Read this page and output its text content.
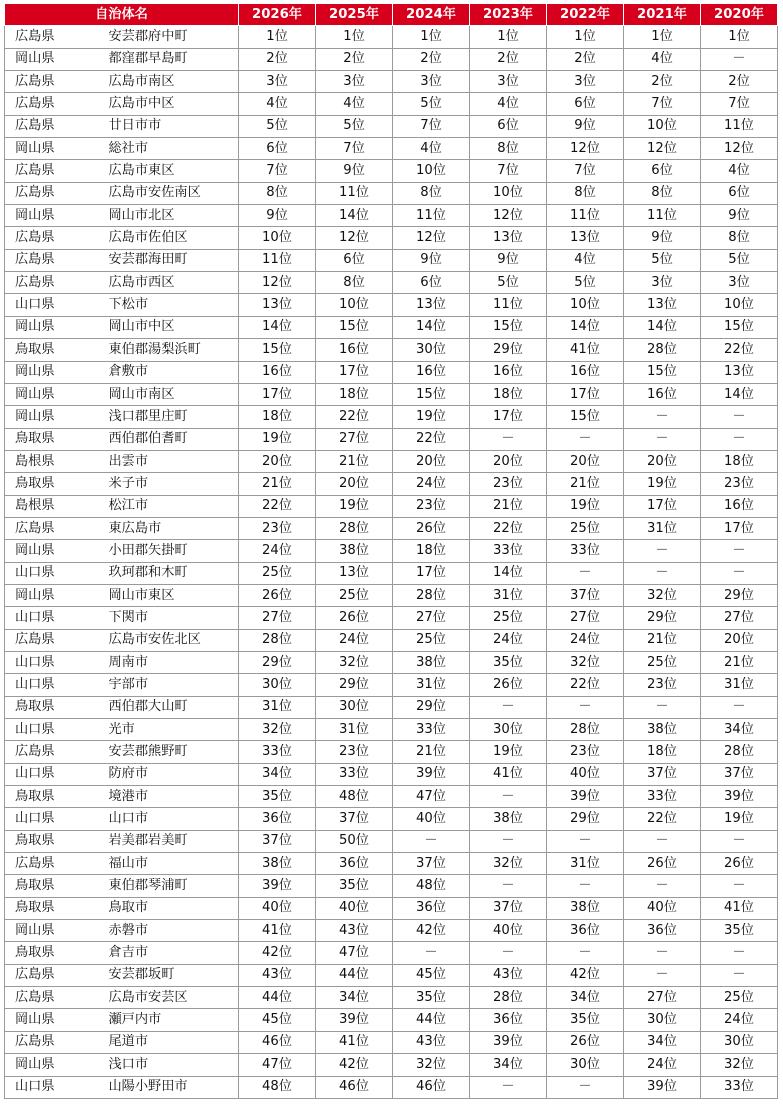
自治体名		2026年	2025年	2024年	2023年	2022年	2021年	2020年
広島県	安芸郡府中町	1位	1位	1位	1位	1位	1位	1位
岡山県	都窪郡早島町	2位	2位	2位	2位	2位	4位	－
広島県	広島市南区	3位	3位	3位	3位	3位	2位	2位
広島県	広島市中区	4位	4位	5位	4位	6位	7位	7位
広島県	廿日市市	5位	5位	7位	6位	9位	10位	11位
岡山県	総社市	6位	7位	4位	8位	12位	12位	12位
広島県	広島市東区	7位	9位	10位	7位	7位	6位	4位
広島県	広島市安佐南区	8位	11位	8位	10位	8位	8位	6位
岡山県	岡山市北区	9位	14位	11位	12位	11位	11位	9位
広島県	広島市佐伯区	10位	12位	12位	13位	13位	9位	8位
広島県	安芸郡海田町	11位	6位	9位	9位	4位	5位	5位
広島県	広島市西区	12位	8位	6位	5位	5位	3位	3位
山口県	下松市	13位	10位	13位	11位	10位	13位	10位
岡山県	岡山市中区	14位	15位	14位	15位	14位	14位	15位
鳥取県	東伯郡湯梨浜町	15位	16位	30位	29位	41位	28位	22位
岡山県	倉敷市	16位	17位	16位	16位	16位	15位	13位
岡山県	岡山市南区	17位	18位	15位	18位	17位	16位	14位
岡山県	浅口郡里庄町	18位	22位	19位	17位	15位	－	－
鳥取県	西伯郡伯耆町	19位	27位	22位	－	－	－	－
島根県	出雲市	20位	21位	20位	20位	20位	20位	18位
鳥取県	米子市	21位	20位	24位	23位	21位	19位	23位
島根県	松江市	22位	19位	23位	21位	19位	17位	16位
広島県	東広島市	23位	28位	26位	22位	25位	31位	17位
岡山県	小田郡矢掛町	24位	38位	18位	33位	33位	－	－
山口県	玖珂郡和木町	25位	13位	17位	14位	－	－	－
岡山県	岡山市東区	26位	25位	28位	31位	37位	32位	29位
山口県	下関市	27位	26位	27位	25位	27位	29位	27位
広島県	広島市安佐北区	28位	24位	25位	24位	24位	21位	20位
山口県	周南市	29位	32位	38位	35位	32位	25位	21位
山口県	宇部市	30位	29位	31位	26位	22位	23位	31位
鳥取県	西伯郡大山町	31位	30位	29位	－	－	－	－
山口県	光市	32位	31位	33位	30位	28位	38位	34位
広島県	安芸郡熊野町	33位	23位	21位	19位	23位	18位	28位
山口県	防府市	34位	33位	39位	41位	40位	37位	37位
鳥取県	境港市	35位	48位	47位	－	39位	33位	39位
山口県	山口市	36位	37位	40位	38位	29位	22位	19位
鳥取県	岩美郡岩美町	37位	50位	－	－	－	－	－
広島県	福山市	38位	36位	37位	32位	31位	26位	26位
鳥取県	東伯郡琴浦町	39位	35位	48位	－	－	－	－
鳥取県	鳥取市	40位	40位	36位	37位	38位	40位	41位
岡山県	赤磐市	41位	43位	42位	40位	36位	36位	35位
鳥取県	倉吉市	42位	47位	－	－	－	－	－
広島県	安芸郡坂町	43位	44位	45位	43位	42位	－	－
広島県	広島市安芸区	44位	34位	35位	28位	34位	27位	25位
岡山県	瀬戸内市	45位	39位	44位	36位	35位	30位	24位
広島県	尾道市	46位	41位	43位	39位	26位	34位	30位
岡山県	浅口市	47位	42位	32位	34位	30位	24位	32位
山口県	山陽小野田市	48位	46位	46位	－	－	39位	33位
